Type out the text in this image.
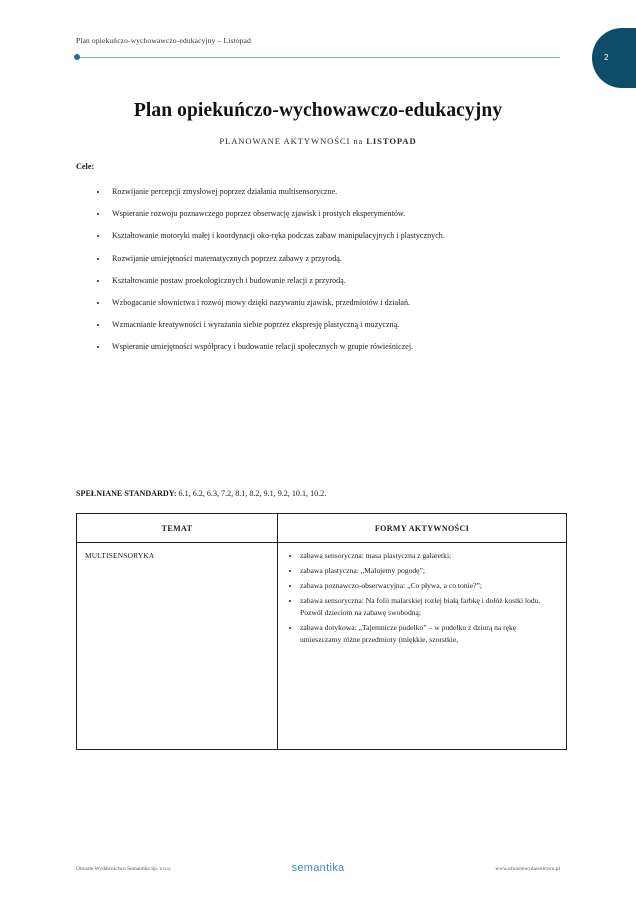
Plan opiekuńczo-wychowawczo-edukacyjny – Listopad
2
Plan opiekuńczo-wychowawczo-edukacyjny
PLANOWANE AKTYWNOŚCI na LISTOPAD
Cele:
• Rozwijanie percepcji zmysłowej poprzez działania multisensoryczne.
• Wspieranie rozwoju poznawczego poprzez obserwację zjawisk i prostych eksperymentów.
• Kształtowanie motoryki małej i koordynacji oko-ręka podczas zabaw manipulacyjnych i plastycznych.
• Rozwijanie umiejętności matematycznych poprzez zabawy z przyrodą.
• Kształtowanie postaw proekologicznych i budowanie relacji z przyrodą.
• Wzbogacanie słownictwa i rozwój mowy dzięki nazywaniu zjawisk, przedmiotów i działań.
• Wzmacnianie kreatywności i wyrażania siebie poprzez ekspresję plastyczną i muzyczną.
• Wspieranie umiejętności współpracy i budowanie relacji społecznych w grupie rówieśniczej.
SPEŁNIANE STANDARDY: 6.1, 6.2, 6.3, 7.2, 8.1, 8.2, 9.1, 9.2, 10.1, 10.2.
TEMAT	FORMY AKTYWNOŚCI
MULTISENSORYKA	
•zabawa sensoryczna: masa plastyczna z galaretki;
• zabawa plastyczna: „Malujemy pogodę”;
• zabawa poznawczo-obserwacyjna: „Co pływa, a co tonie?”;
• zabawa sensoryczna: Na folii malarskiej rozlej białą farbkę i dołóż kostki lodu. Pozwól dzieciom na zabawę swobodną;
• zabawa dotykowa: „Tajemnicze pudełko” – w pudełku z dziurą na rękę umieszczamy różne przedmioty (miękkie, szorstkie,
Otwarte Wydawnictwo Semantika Sp. z o.o.	semantika	www.otwartewydawnictwo.pl
